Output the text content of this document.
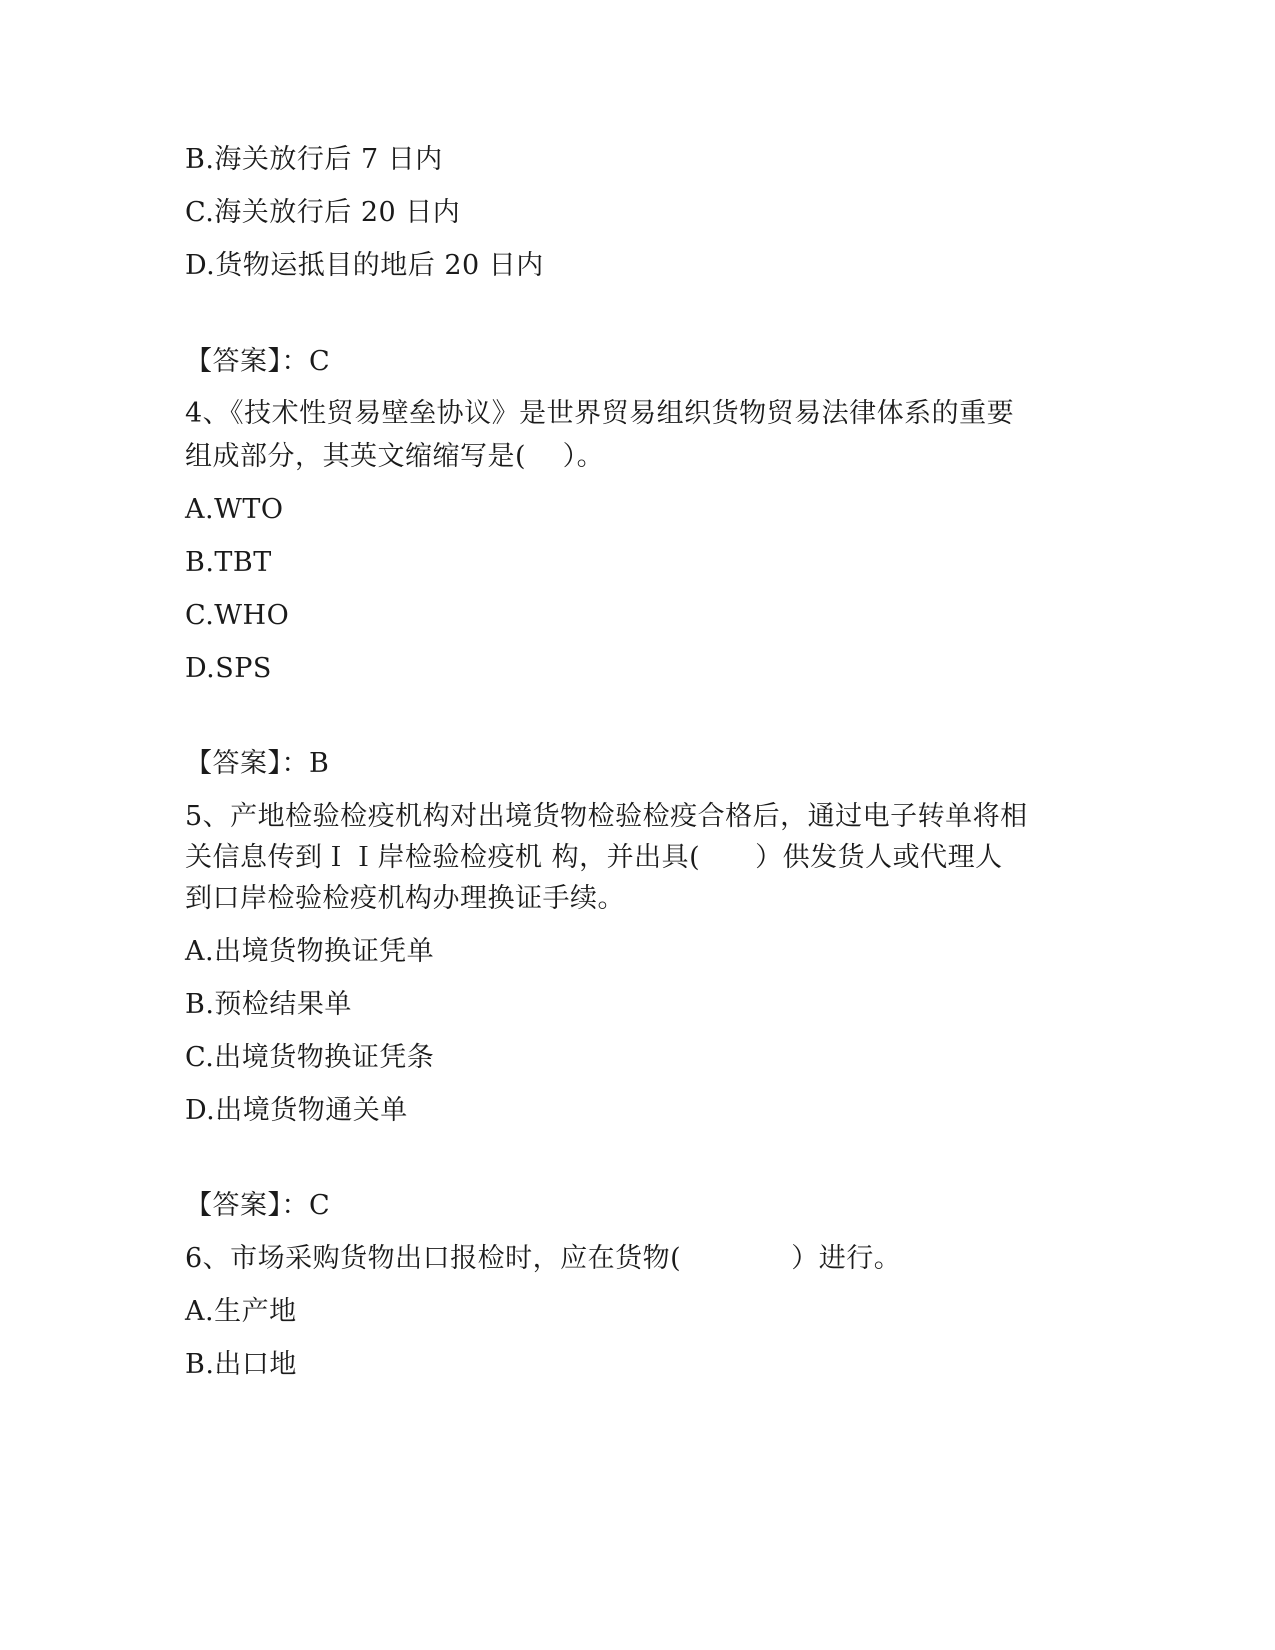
B.海关放行后 7 日内
C.海关放行后 20 日内
D.货物运抵目的地后 20 日内
【答案】：C
4、《技术性贸易壁垒协议》是世界贸易组织货物贸易法律体系的重要
组成部分，其英文缩缩写是(　 ）。
A.WTO
B.TBT
C.WHO
D.SPS
【答案】：B
5、产地检验检疫机构对出境货物检验检疫合格后，通过电子转单将相
关信息传到ＩＩ岸检验检疫机 构，并出具(　　）供发货人或代理人
到口岸检验检疫机构办理换证手续。
A.出境货物换证凭单
B.预检结果单
C.出境货物换证凭条
D.出境货物通关单
【答案】：C
6、市场采购货物出口报检时，应在货物(　　　　）进行。
A.生产地
B.出口地
